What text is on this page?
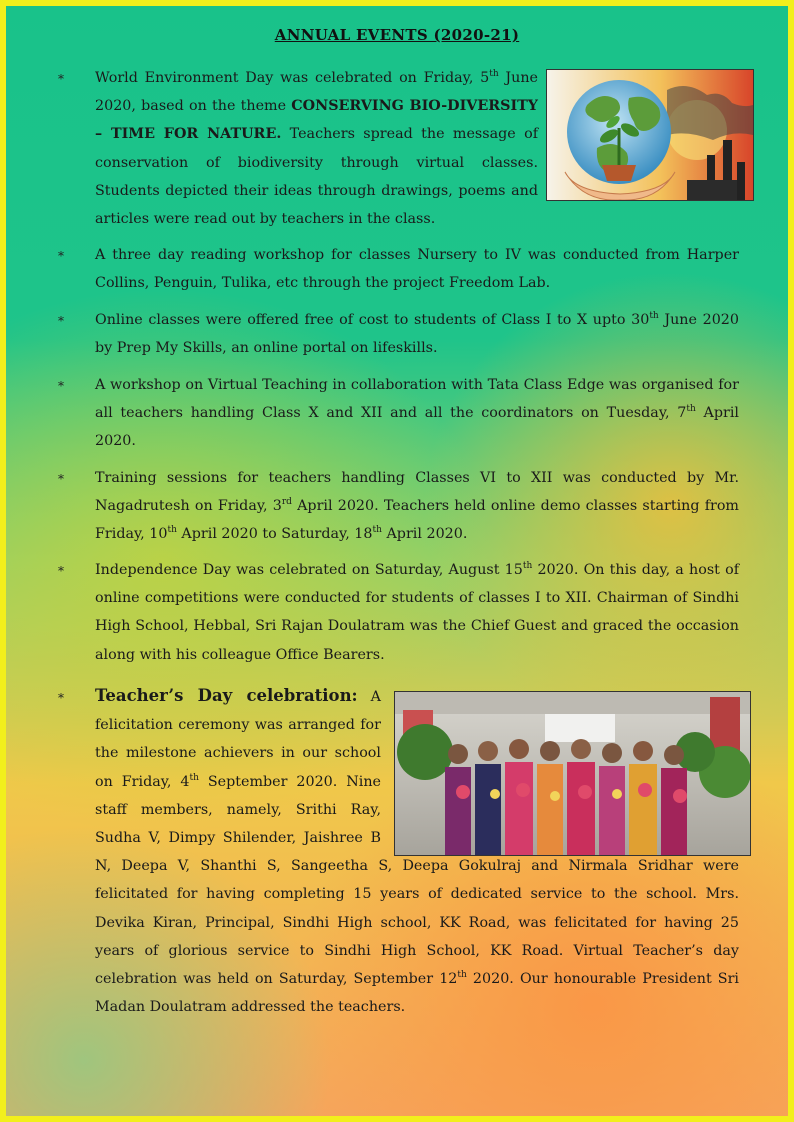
ANNUAL EVENTS (2020-21)
* World Environment Day was celebrated on Friday, 5th June 2020, based on the theme CONSERVING BIO-DIVERSITY – TIME FOR NATURE. Teachers spread the message of conservation of biodiversity through virtual classes. Students depicted their ideas through drawings, poems and articles were read out by teachers in the class.

* A three day reading workshop for classes Nursery to IV was conducted from Harper Collins, Penguin, Tulika, etc through the project Freedom Lab.

* Online classes were offered free of cost to students of Class I to X upto 30th June 2020 by Prep My Skills, an online portal on lifeskills.

* A workshop on Virtual Teaching in collaboration with Tata Class Edge was organised for all teachers handling Class X and XII and all the coordinators on Tuesday, 7th April 2020.

* Training sessions for teachers handling Classes VI to XII was conducted by Mr. Nagadrutesh on Friday, 3rd April 2020. Teachers held online demo classes starting from Friday, 10th April 2020 to Saturday, 18th April 2020.

* Independence Day was celebrated on Saturday, August 15th 2020. On this day, a host of online competitions were conducted for students of classes I to XII. Chairman of Sindhi High School, Hebbal, Sri Rajan Doulatram was the Chief Guest and graced the occasion along with his colleague Office Bearers.

* Teacher’s Day celebration: A felicitation ceremony was arranged for the milestone achievers in our school on Friday, 4th September 2020. Nine staff members, namely, Srithi Ray, Sudha V, Dimpy Shilender, Jaishree B N, Deepa V, Shanthi S, Sangeetha S, Deepa Gokulraj and Nirmala Sridhar were felicitated for having completing 15 years of dedicated service to the school. Mrs. Devika Kiran, Principal, Sindhi High school, KK Road, was felicitated for having 25 years of glorious service to Sindhi High School, KK Road. Virtual Teacher’s day celebration was held on Saturday, September 12th 2020. Our honourable President Sri Madan Doulatram addressed the teachers.
